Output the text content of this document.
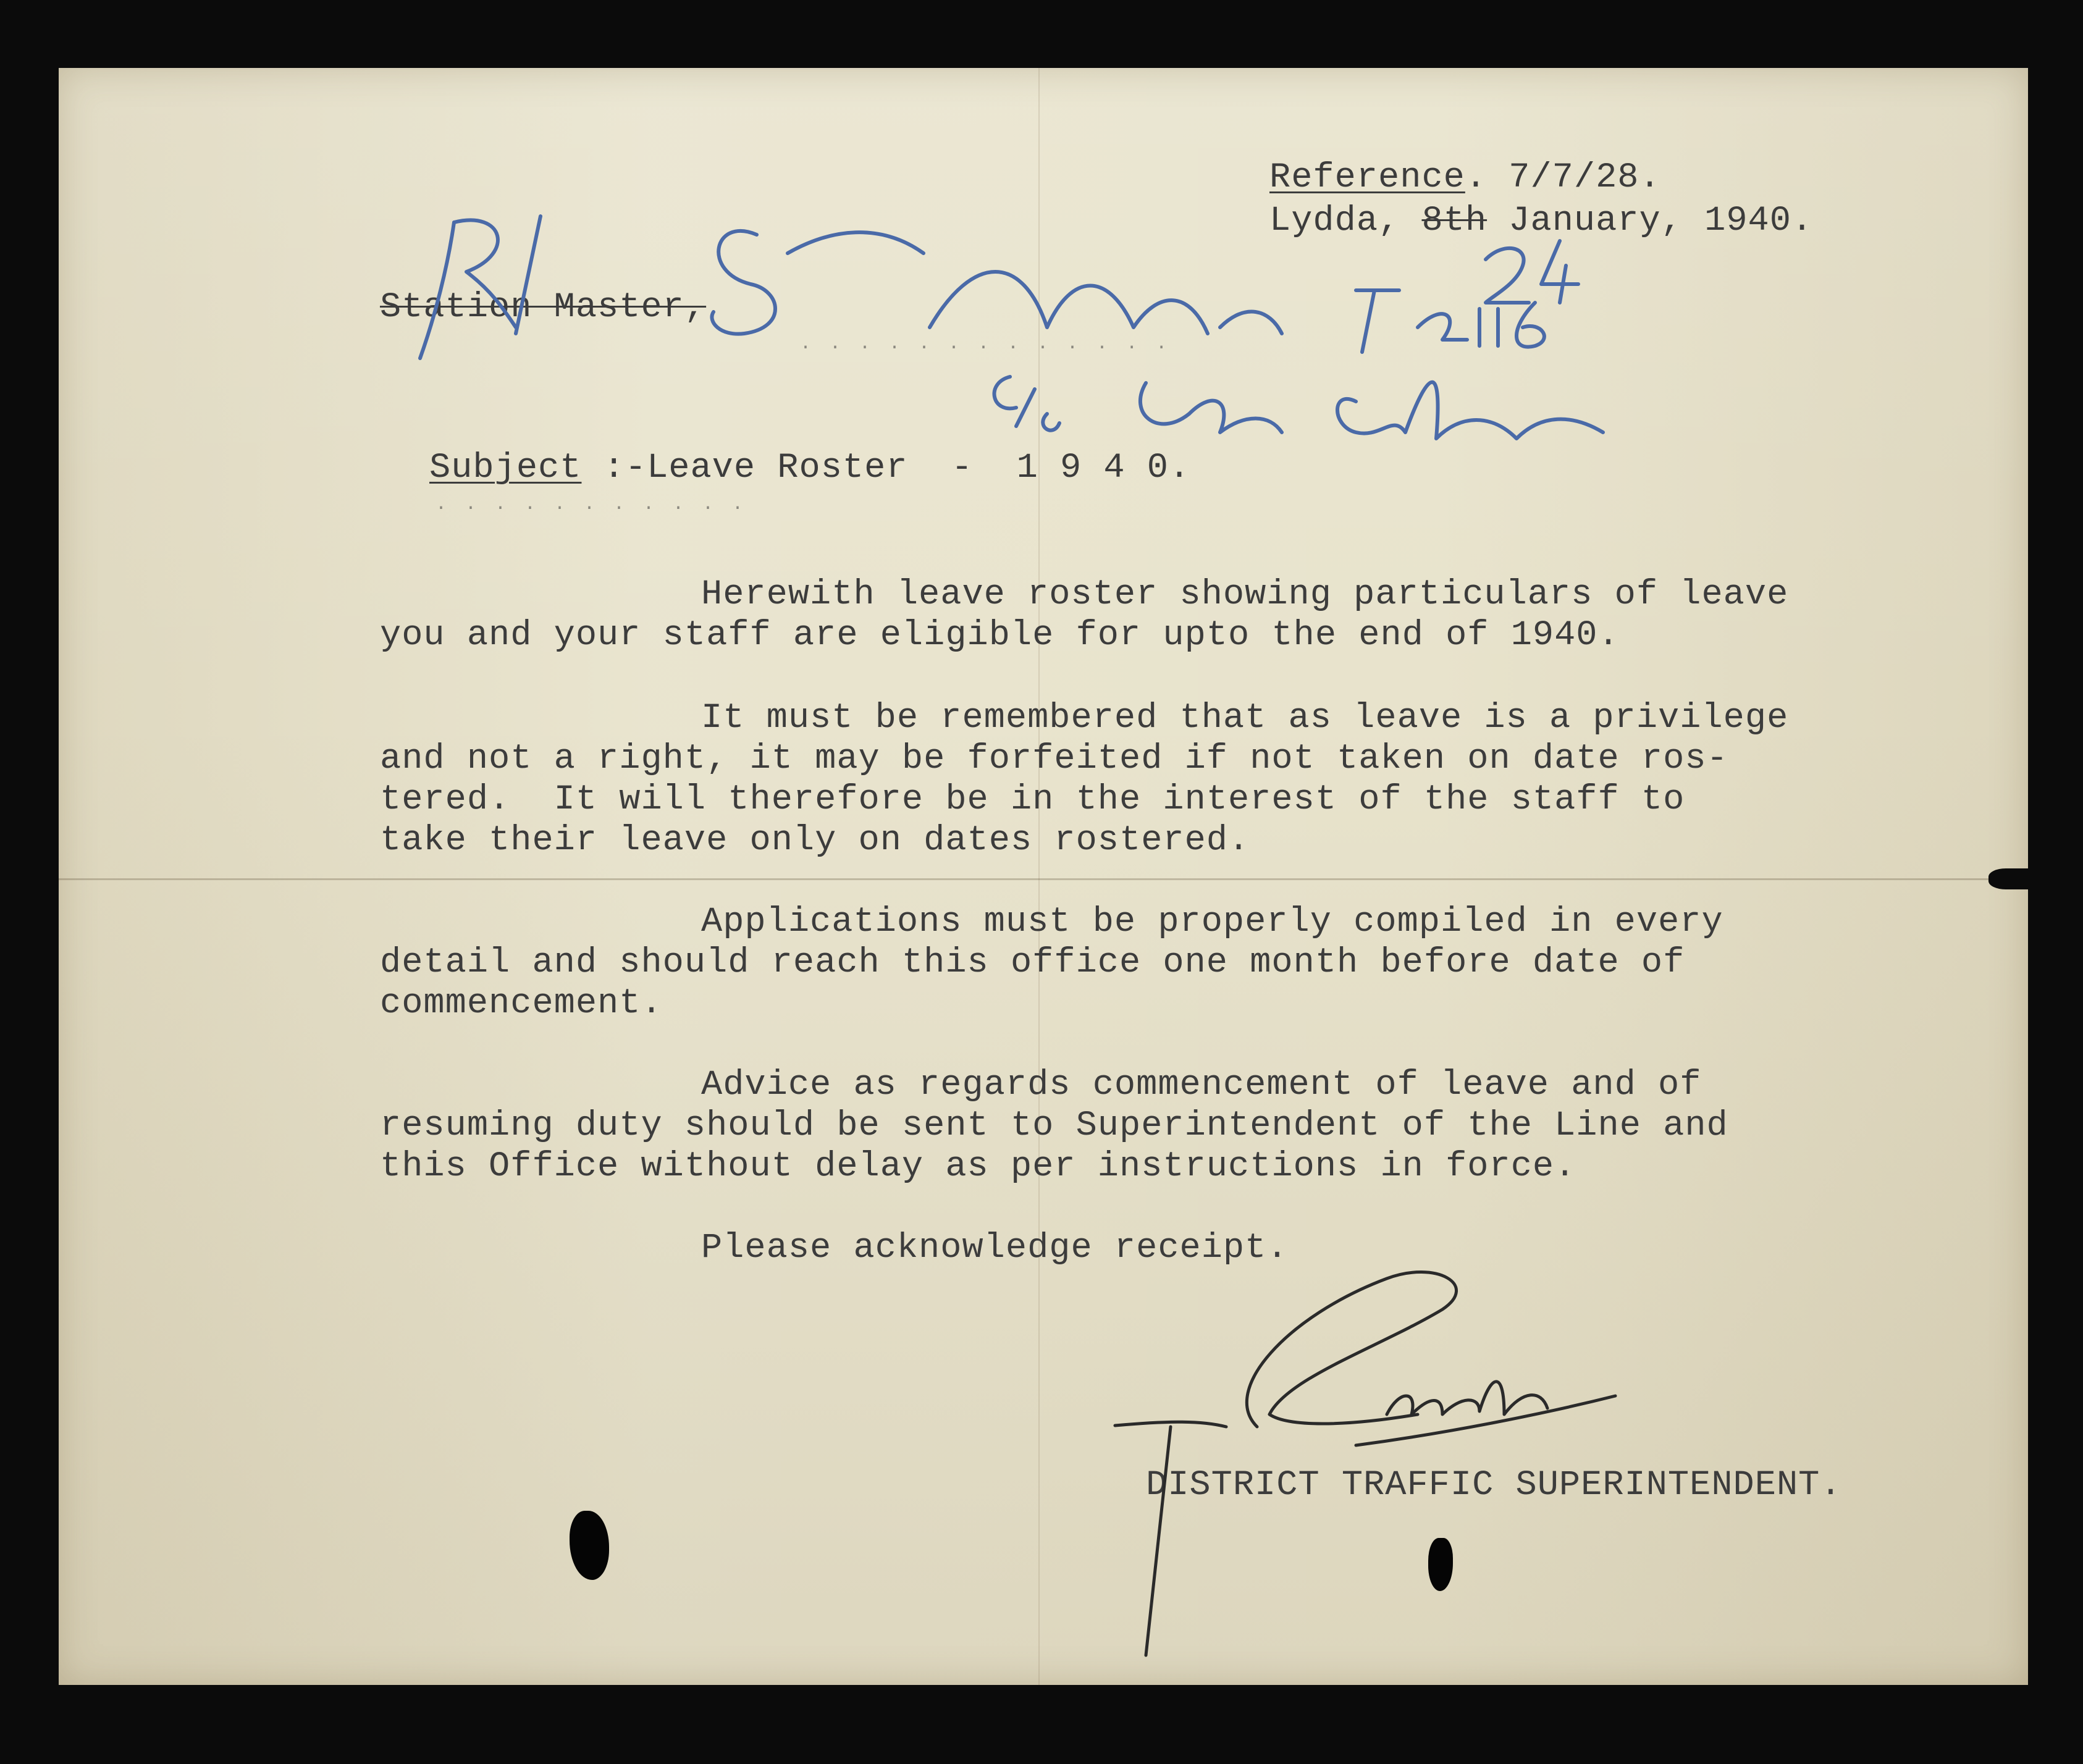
Reference. 7/7/28.

Lydda, 8th January, 1940.

Station Master,

. . . . . . . . . . . . .

Subject :-Leave Roster  -  1 9 4 0.

. . . . . . . . . . .

Herewith leave roster showing particulars of leave

you and your staff are eligible for upto the end of 1940.

It must be remembered that as leave is a privilege

and not a right, it may be forfeited if not taken on date ros-

tered.  It will therefore be in the interest of the staff to

take their leave only on dates rostered.

Applications must be properly compiled in every

detail and should reach this office one month before date of

commencement.

Advice as regards commencement of leave and of

resuming duty should be sent to Superintendent of the Line and

this Office without delay as per instructions in force.

Please acknowledge receipt.

DISTRICT TRAFFIC SUPERINTENDENT.
